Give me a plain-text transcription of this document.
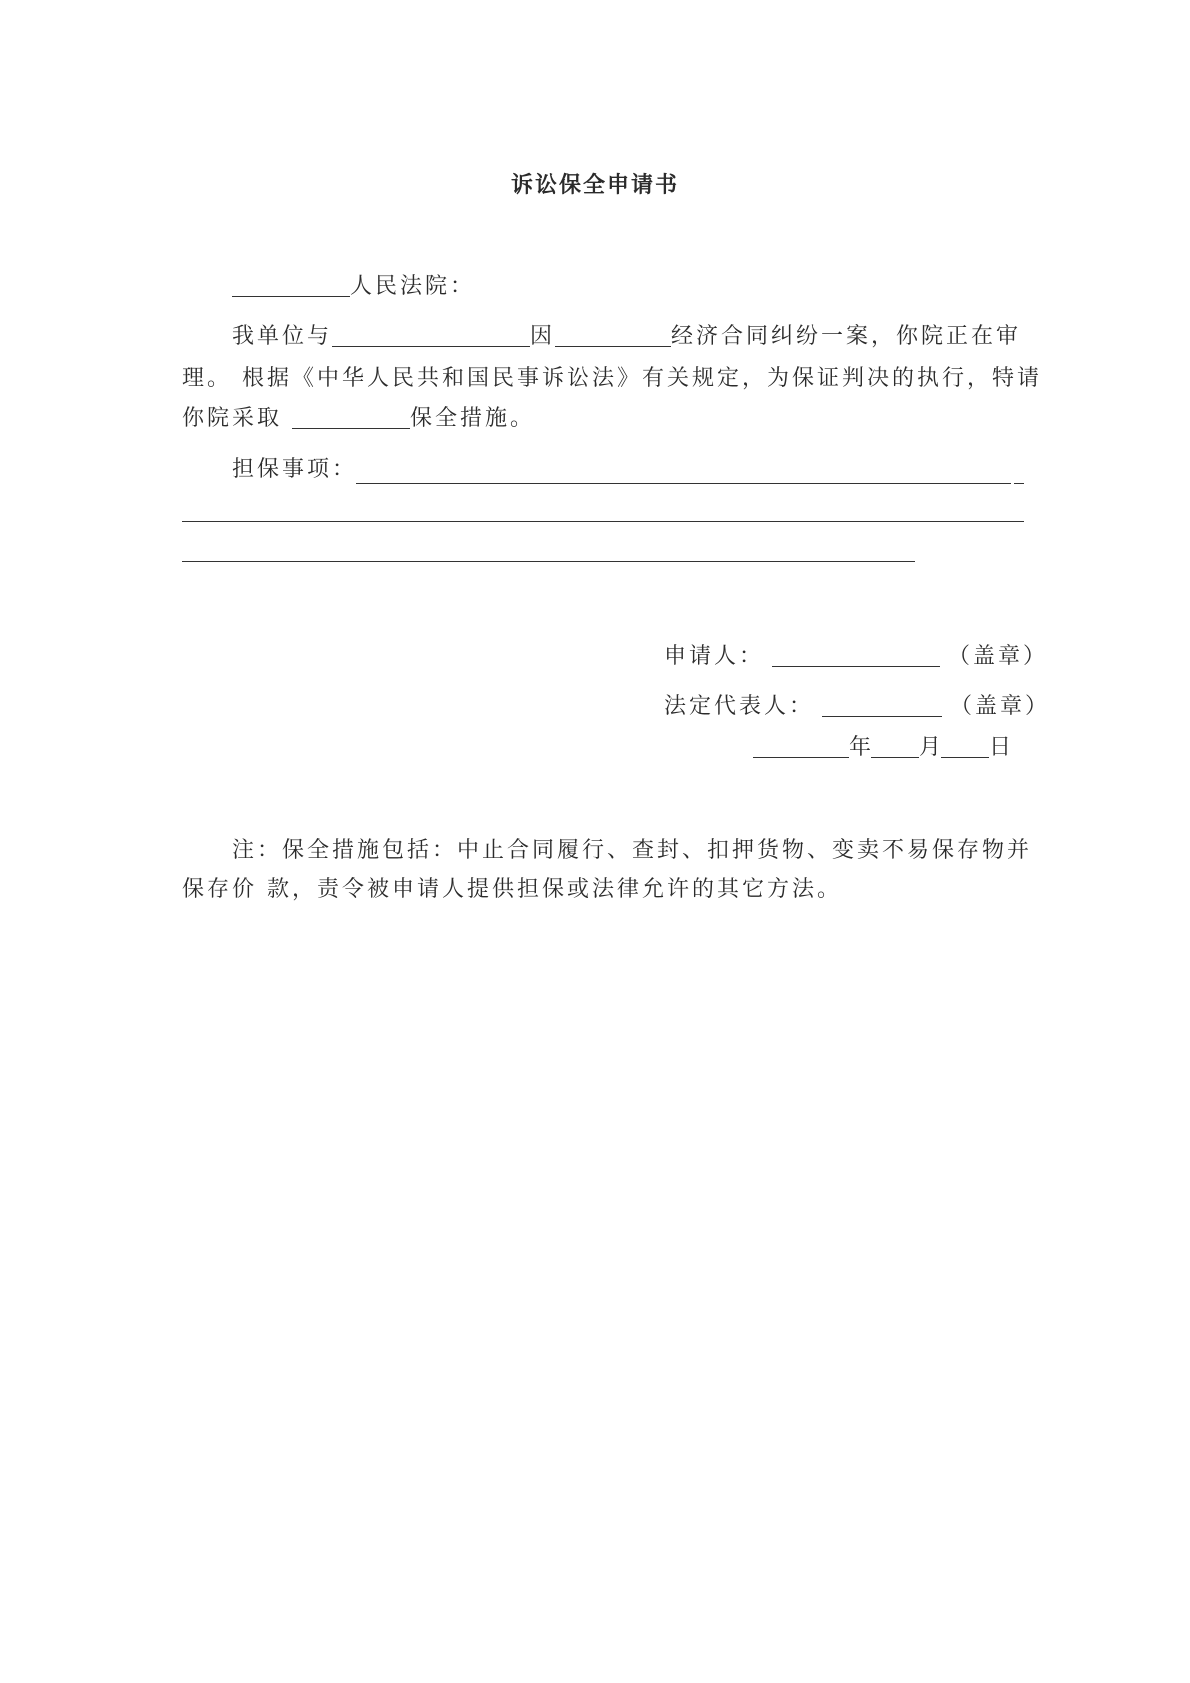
诉讼保全申请书
人民法院：
我单位与	因	经济合同纠纷一案，你院正在审
理。 根据《中华人民共和国民事诉讼法》有关规定，为保证判决的执行，特请
你院采取	保全措施。
担保事项：
申请人：	（盖章）
法定代表人：	（盖章）
年 月 日
注：保全措施包括：中止合同履行、查封、扣押货物、变卖不易保存物并
保存价 款，责令被申请人提供担保或法律允许的其它方法。
